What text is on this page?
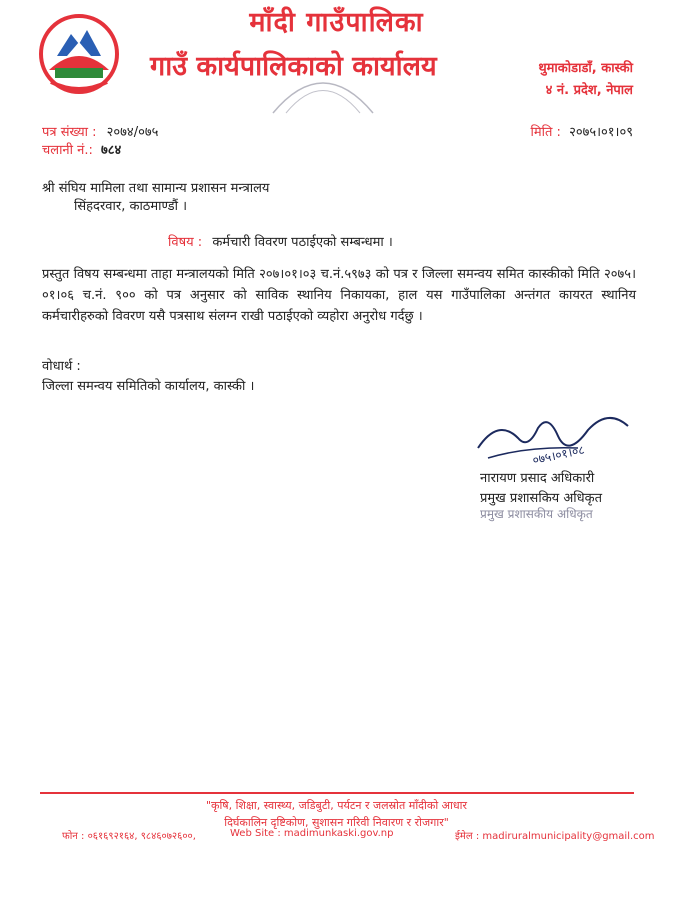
माँदी गाउँपालिका
गाउँ कार्यपालिकाको कार्यालय	थुमाकोडाडाँ, कास्की
४ नं. प्रदेश, नेपाल
पत्र संख्या : २०७४/०७५
चलानी नं.: ७८४
मिति : २०७५।०१।०९
श्री संघिय मामिला तथा सामान्य प्रशासन मन्त्रालय
सिंहदरवार, काठमाण्डौं ।
विषय : कर्मचारी विवरण पठाईएको सम्बन्धमा ।
प्रस्तुत विषय सम्बन्धमा ताहा मन्त्रालयको मिति २०७।०१।०३ च.नं.५९७३ को पत्र र जिल्ला समन्वय समित कास्कीको मिति २०७५।०१।०६ च.नं. ९०० को पत्र अनुसार को साविक स्थानिय निकायका, हाल यस गाउँपालिका अन्तंगत कायरत स्थानिय कर्मचारीहरुको विवरण यसै पत्रसाथ संलग्न राखी पठाईएको व्यहोरा अनुरोध गर्दछु ।
वोधार्थ :
जिल्ला समन्वय समितिको कार्यालय, कास्की ।
०७५।०१।०८
नारायण प्रसाद अधिकारी
प्रमुख प्रशासकिय अधिकृत
प्रमुख प्रशासकीय अधिकृत
"कृषि, शिक्षा, स्वास्थ्य, जडिबुटी, पर्यटन र जलस्रोत माँदीको आधार
दिर्घकालिन दृष्टिकोण, सुशासन गरिवी निवारण र रोजगार"
फोन : ०६१६९२१६४, ९८४६०७२६००,	Web Site : madimunkaski.gov.np	ईमेल : madiruralmunicipality@gmail.com
